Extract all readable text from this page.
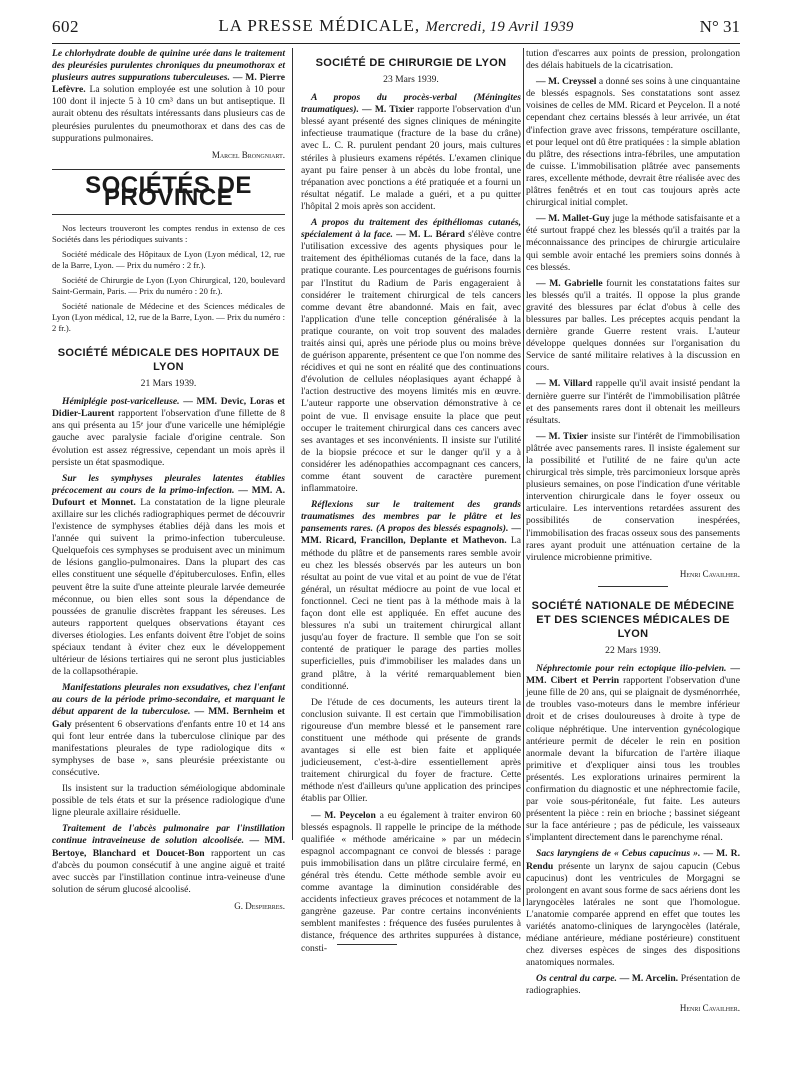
602	LA PRESSE MÉDICALE, Mercredi, 19 Avril 1939	N° 31

Le chlorhydrate double de quinine urée dans le traitement des pleurésies purulentes chroniques du pneumothorax et plusieurs autres suppurations tuberculeuses. — M. Pierre Lefèvre. La solution employée est une solution à 10 pour 100 dont il injecte 5 à 10 cm³ dans un but antiseptique. Il aurait obtenu des résultats intéressants dans plusieurs cas de pleurésies purulentes du pneumothorax et dans des cas de suppurations pulmonaires.

Marcel Brongniart.
SOCIÉTÉS DE PROVINCE

Nos lecteurs trouveront les comptes rendus in extenso de ces Sociétés dans les périodiques suivants :

Société médicale des Hôpitaux de Lyon (Lyon médical, 12, rue de la Barre, Lyon. — Prix du numéro : 2 fr.).

Société de Chirurgie de Lyon (Lyon Chirurgical, 120, boulevard Saint-Germain, Paris. — Prix du numéro : 20 fr.).

Société nationale de Médecine et des Sciences médicales de Lyon (Lyon médical, 12, rue de la Barre, Lyon. — Prix du numéro : 2 fr.).

SOCIÉTÉ MÉDICALE DES HOPITAUX DE LYON
21 Mars 1939.

Hémiplégie post-varicelleuse. — MM. Devic, Loras et Didier-Laurent rapportent l'observation d'une fillette de 8 ans qui présenta au 15ᵉ jour d'une varicelle une hémiplégie gauche avec paralysie faciale d'origine centrale. Son évolution est assez régressive, cependant un mois après il persiste un état spasmodique.

Sur les symphyses pleurales latentes établies précocement au cours de la primo-infection. — MM. A. Dufourt et Monnet. La constatation de la ligne pleurale axillaire sur les clichés radiographiques permet de découvrir l'existence de symphyses établies déjà dans les mois et l'année qui suivent la primo-infection tuberculeuse. Quelquefois ces symphyses se produisent avec un minimum de lésions ganglio-pulmonaires. Dans la plupart des cas elles constituent une séquelle d'épituberculoses. Enfin, elles peuvent être la suite d'une atteinte pleurale larvée demeurée méconnue, ou bien elles sont sous la dépendance de poussées de granulie discrètes frappant les séreuses. Les auteurs rapportent quelques observations étayant ces diverses étiologies. Les enfants doivent être l'objet de soins spéciaux tendant à éviter chez eux le développement ultérieur de lésions tertiaires qui ne seront plus justiciables de la collapsothérapie.

Manifestations pleurales non exsudatives, chez l'enfant au cours de la période primo-secondaire, et marquant le début apparent de la tuberculose. — MM. Bernheim et Galy présentent 6 observations d'enfants entre 10 et 14 ans qui font leur entrée dans la tuberculose clinique par des manifestations pleurales de type radiologique dits « symphyses de base », sans pleurésie préexistante ou consécutive.

Ils insistent sur la traduction séméiologique abdominale possible de tels états et sur la présence radiologique d'une ligne pleurale axillaire résiduelle.

Traitement de l'abcès pulmonaire par l'instillation continue intraveineuse de solution alcoolisée. — MM. Bertoye, Blanchard et Doucet-Bon rapportent un cas d'abcès du poumon consécutif à une angine aiguë et traité avec succès par l'instillation continue intra-veineuse d'une solution de sérum glucosé alcoolisé.

G. Despierres.
SOCIÉTÉ DE CHIRURGIE DE LYON
23 Mars 1939.

A propos du procès-verbal (Méningites traumatiques). — M. Tixier rapporte l'observation d'un blessé ayant présenté des signes cliniques de méningite infectieuse traumatique (fracture de la base du crâne) avec L. C. R. purulent pendant 20 jours, mais cultures stériles à plusieurs examens répétés. L'examen clinique ayant pu faire penser à un abcès du lobe frontal, une trépanation avec ponctions a été pratiquée et a fourni un résultat négatif. Le malade a guéri, et a pu quitter l'hôpital 2 mois après son accident.

A propos du traitement des épithéliomas cutanés, spécialement à la face. — M. L. Bérard s'élève contre l'utilisation excessive des agents physiques pour le traitement des épithéliomas cutanés de la face, dans la pratique courante. Les pourcentages de guérisons fournis par l'Institut du Radium de Paris engageraient à considérer le traitement chirurgical de tels cancers comme devant être abandonné. Mais en fait, avec l'application d'une telle conception généralisée à la pratique courante, on voit trop souvent des malades traités ainsi qui, après une période plus ou moins brève de guérison apparente, présentent ce que l'on nomme des récidives et qui ne sont en réalité que des continuations d'évolution de cellules néoplasiques ayant échappé à l'action destructive des moyens limités mis en œuvre. L'auteur rapporte une observation démonstrative à ce point de vue. Il envisage ensuite la place que peut occuper le traitement chirurgical dans ces cancers avec ses avantages et ses inconvénients. Il insiste sur l'utilité de la biopsie précoce et sur le danger qu'il y a à considérer les adénopathies accompagnant ces cancers, comme étant souvent de caractère purement inflammatoire.

Réflexions sur le traitement des grands traumatismes des membres par le plâtre et les pansements rares. (A propos des blessés espagnols). — MM. Ricard, Francillon, Deplante et Mathevon. La méthode du plâtre et de pansements rares semble avoir eu chez les blessés observés par les auteurs un bon résultat au point de vue vital et au point de vue de l'état général, un résultat médiocre au point de vue local et fonctionnel. Ceci ne tient pas à la méthode mais à la façon dont elle est appliquée. En effet aucune des blessures n'a subi un traitement chirurgical allant jusqu'au foyer de fracture. Il semble que l'on se soit contenté de pratiquer le parage des parties molles superficielles, puis d'immobiliser les malades dans un grand plâtre, à la vérité remarquablement bien conditionné.

De l'étude de ces documents, les auteurs tirent la conclusion suivante. Il est certain que l'immobilisation rigoureuse d'un membre blessé et le pansement rare constituent une méthode qui présente de grands avantages si elle est bien faite et appliquée judicieusement, c'est-à-dire essentiellement après traitement chirurgical du foyer de fracture. Cette méthode n'est d'ailleurs qu'une application des principes établis par Ollier.

— M. Peycelon a eu également à traiter environ 60 blessés espagnols. Il rappelle le principe de la méthode qualifiée « méthode américaine » par un médecin espagnol accompagnant ce convoi de blessés : parage puis immobilisation dans un plâtre circulaire fermé, en général très étendu. Cette méthode semble avoir eu comme avantage la diminution considérable des accidents infectieux graves précoces et notamment de la gangrène gazeuse. Par contre certains inconvénients semblent manifestes : fréquence des fusées purulentes à distance, fréquence des arthrites suppurées à distance, consti-

tution d'escarres aux points de pression, prolongation des délais habituels de la cicatrisation.

— M. Creyssel a donné ses soins à une cinquantaine de blessés espagnols. Ses constatations sont assez voisines de celles de MM. Ricard et Peycelon. Il a noté cependant chez certains blessés à leur arrivée, un état d'infection grave avec frissons, température oscillante, et pour lequel ont dû être pratiquées : la simple ablation du plâtre, des résections intra-fébriles, une amputation de cuisse. L'immobilisation plâtrée avec pansements rares, excellente méthode, devrait être réalisée avec des plâtres fenêtrés et en tout cas toujours après acte chirurgical initial complet.

— M. Mallet-Guy juge la méthode satisfaisante et a été surtout frappé chez les blessés qu'il a traités par la méconnaissance des principes de chirurgie articulaire qui semble avoir entaché les premiers soins donnés à ces blessés.

— M. Gabrielle fournit les constatations faites sur les blessés qu'il a traités. Il oppose la plus grande gravité des blessures par éclat d'obus à celle des blessures par balles. Les préceptes acquis pendant la dernière grande Guerre restent vrais. L'auteur développe quelques données sur l'organisation du Service de santé militaire relatives à la discussion en cours.

— M. Villard rappelle qu'il avait insisté pendant la dernière guerre sur l'intérêt de l'immobilisation plâtrée et des pansements rares dont il obtenait les meilleurs résultats.

— M. Tixier insiste sur l'intérêt de l'immobilisation plâtrée avec pansements rares. Il insiste également sur la possibilité et l'utilité de ne faire qu'un acte chirurgical très simple, très parcimonieux lorsque après plusieurs semaines, on pose l'indication d'une véritable intervention chirurgicale dans le foyer osseux ou articulaire. Les interventions retardées assurent des possibilités de conservation inespérées, l'immobilisation des fracas osseux sous des pansements rares ayant produit une atténuation certaine de la virulence microbienne primitive.

Henri Cavailher.
SOCIÉTÉ NATIONALE DE MÉDECINE ET DES SCIENCES MÉDICALES DE LYON
22 Mars 1939.

Néphrectomie pour rein ectopique ilio-pelvien. — MM. Cibert et Perrin rapportent l'observation d'une jeune fille de 20 ans, qui se plaignait de dysménorrhée, de troubles vaso-moteurs dans le membre inférieur droit et de crises douloureuses à droite à type de colique néphrétique. Une intervention gynécologique antérieure permit de déceler le rein en position anormale devant la bifurcation de l'artère iliaque primitive et d'expliquer ainsi tous les troubles présentés. Les explorations urinaires permirent la confirmation du diagnostic et une néphrectomie facile, par voie sous-péritonéale, fut faite. Les auteurs présentent la pièce : rein en brioche ; bassinet siégeant sur la face antérieure ; pas de pédicule, les vaisseaux s'implantent directement dans le parenchyme rénal.

Sacs laryngiens de « Cebus capucinus ». — M. R. Rendu présente un larynx de sajou capucin (Cebus capucinus) dont les ventricules de Morgagni se prolongent en avant sous forme de sacs aériens dont les laryngocèles latérales ne sont que l'homologue. L'anatomie comparée apprend en effet que toutes les variétés anatomo-cliniques de laryngocèles (latérale, médiane antérieure, médiane postérieure) constituent chez diverses espèces de singes des dispositions anatomiques normales.

Os central du carpe. — M. Arcelin. Présentation de radiographies.

Henri Cavailher.
